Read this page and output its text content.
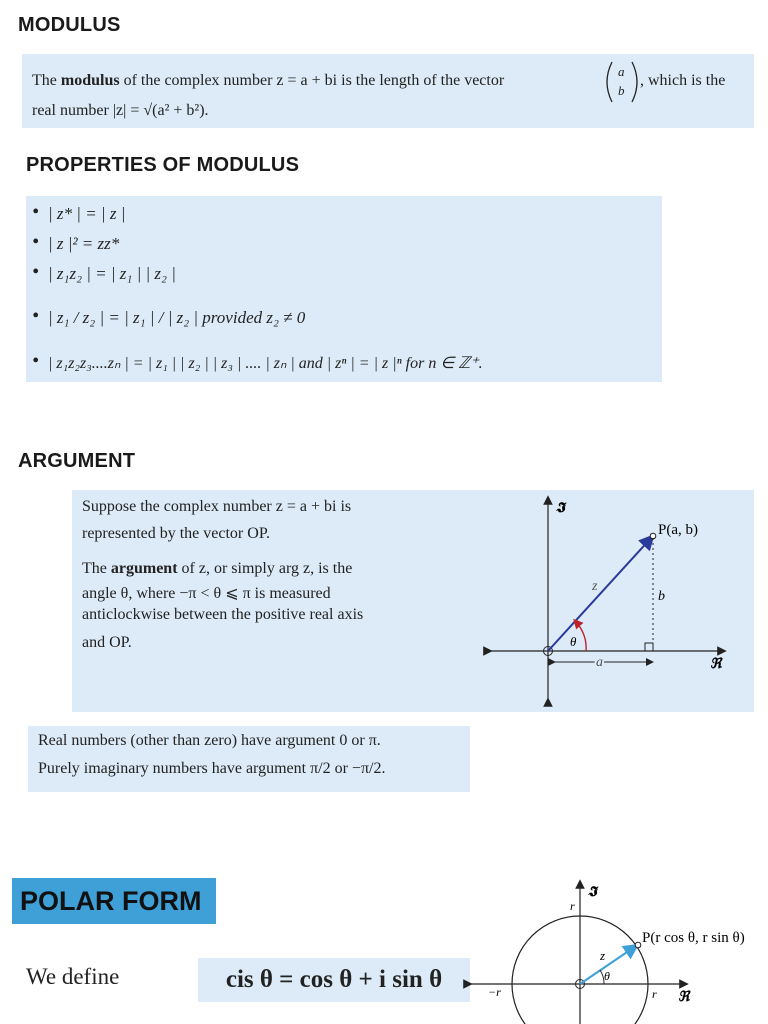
MODULUS
The modulus of the complex number z = a + bi is the length of the vector
a
b
, which is the
real number |z| = √(a² + b²).
PROPERTIES OF MODULUS
• | z* | = | z |
• | z |² = zz*
• | z₁z₂ | = | z₁ | | z₂ |
• | z₁ / z₂ | = | z₁ | / | z₂ | provided z₂ ≠ 0
• | z₁z₂z₃....zₙ | = | z₁ | | z₂ | | z₃ | .... | zₙ | and | zⁿ | = | z |ⁿ for n ∈ ℤ⁺.
ARGUMENT
Suppose the complex number z = a + bi is
represented by the vector OP.
The argument of z, or simply arg z, is the
angle θ, where −π < θ ⩽ π is measured
anticlockwise between the positive real axis
and OP.
𝕴
ℜ
P(a, b)
z
b
a
θ
Real numbers (other than zero) have argument 0 or π.
Purely imaginary numbers have argument π/2 or −π/2.
POLAR FORM
We define	cis θ = cos θ + i sin θ
𝕴
ℜ
P(r cos θ, r sin θ)
r
r
−r
z
θ
